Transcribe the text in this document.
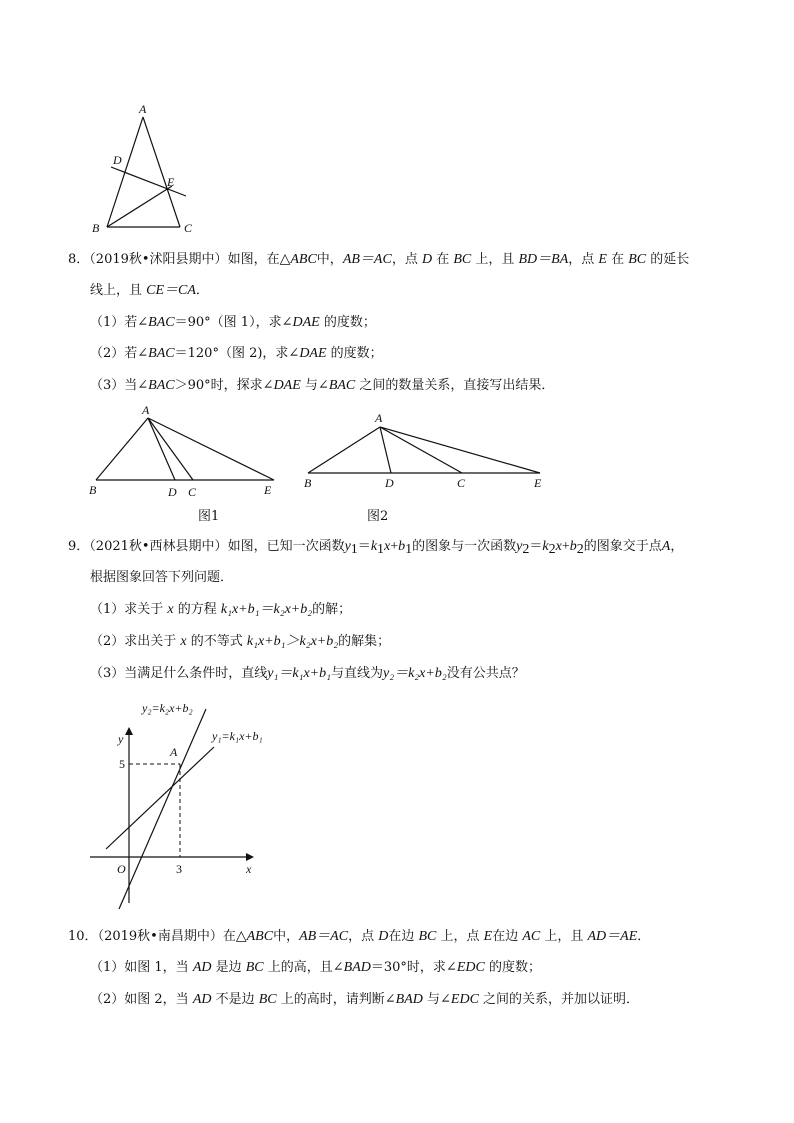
A
D
E
B	C
8．（2019秋•沭阳县期中）如图，在△ABC中，AB＝AC，点 D 在 BC 上，且 BD＝BA，点 E 在 BC 的延长
线上，且 CE＝CA．
（1）若∠BAC＝90°（图 1），求∠DAE 的度数；
（2）若∠BAC＝120°（图 2)，求∠DAE 的度数；
（3）当∠BAC＞90°时，探求∠DAE 与∠BAC 之间的数量关系，直接写出结果．
A
B	D C	E
图1
A
B	D	C	E
图2
9．（2021秋•西林县期中）如图，已知一次函数$y_1=k_1x+b_1$的图象与一次函数$y_2=k_2x+b_2$的图象交于点A，
根据图象回答下列问题．
（1）求关于 x 的方程 k₁x+b₁＝k₂x+b₂的解；
（2）求出关于 x 的不等式 k₁x+b₁＞k₂x+b₂的解集；
（3）当满足什么条件时，直线y₁＝k₁x+b₁与直线为y₂＝k₂x+b₂没有公共点？
y₂=k₂x+b₂
y₁=k₁x+b₁
y
x
O
A
5
3
10．（2019秋•南昌期中）在△ABC中，AB＝AC，点 D在边 BC 上，点 E在边 AC 上，且 AD＝AE．
（1）如图 1，当 AD 是边 BC 上的高，且∠BAD＝30°时，求∠EDC 的度数；
（2）如图 2，当 AD 不是边 BC 上的高时，请判断∠BAD 与∠EDC 之间的关系，并加以证明．
